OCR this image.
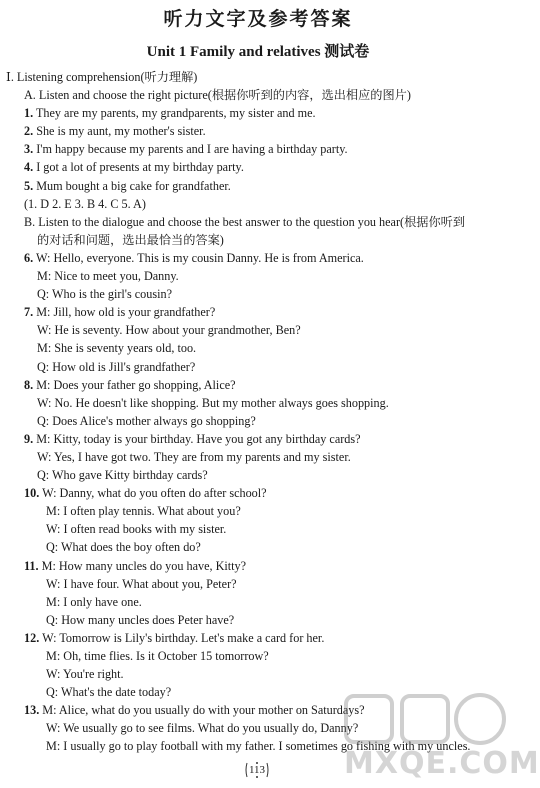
听力文字及参考答案
Unit 1 Family and relatives 测试卷
Ⅰ. Listening comprehension(听力理解)
A. Listen and choose the right picture(根据你听到的内容，选出相应的图片)
1. They are my parents, my grandparents, my sister and me.
2. She is my aunt, my mother's sister.
3. I'm happy because my parents and I are having a birthday party.
4. I got a lot of presents at my birthday party.
5. Mum bought a big cake for grandfather.
(1. D 2. E 3. B 4. C 5. A)
B. Listen to the dialogue and choose the best answer to the question you hear(根据你听到
的对话和问题，选出最恰当的答案)
6. W: Hello, everyone. This is my cousin Danny. He is from America.
M: Nice to meet you, Danny.
Q: Who is the girl's cousin?
7. M: Jill, how old is your grandfather?
W: He is seventy. How about your grandmother, Ben?
M: She is seventy years old, too.
Q: How old is Jill's grandfather?
8. M: Does your father go shopping, Alice?
W: No. He doesn't like shopping. But my mother always goes shopping.
Q: Does Alice's mother always go shopping?
9. M: Kitty, today is your birthday. Have you got any birthday cards?
W: Yes, I have got two. They are from my parents and my sister.
Q: Who gave Kitty birthday cards?
10. W: Danny, what do you often do after school?
M: I often play tennis. What about you?
W: I often read books with my sister.
Q: What does the boy often do?
11. M: How many uncles do you have, Kitty?
W: I have four. What about you, Peter?
M: I only have one.
Q: How many uncles does Peter have?
12. W: Tomorrow is Lily's birthday. Let's make a card for her.
M: Oh, time flies. Is it October 15 tomorrow?
W: You're right.
Q: What's the date today?
13. M: Alice, what do you usually do with your mother on Saturdays?
W: We usually go to see films. What do you usually do, Danny?
M: I usually go to play football with my father. I sometimes go fishing with my uncles.
113	MXQE.COM
